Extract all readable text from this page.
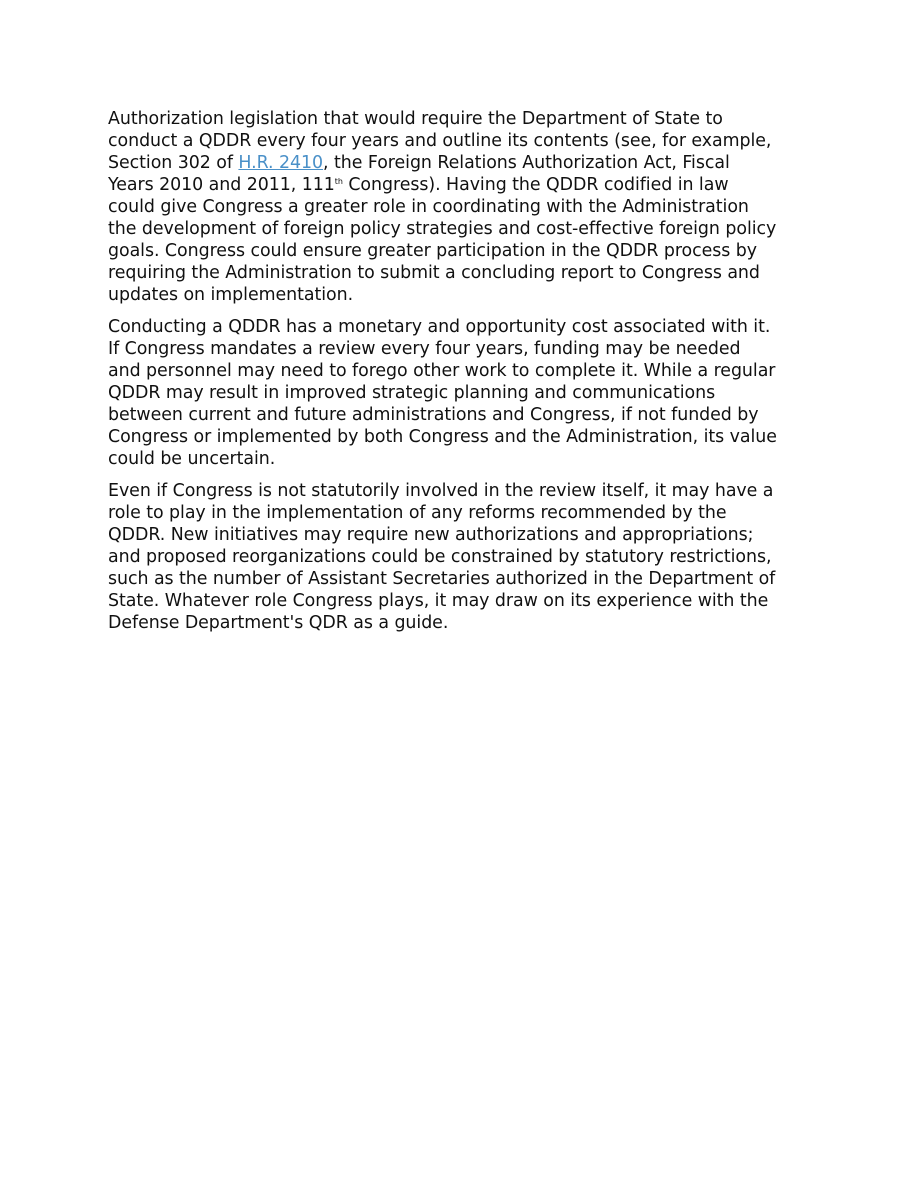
Authorization legislation that would require the Department of State to
conduct a QDDR every four years and outline its contents (see, for example,
Section 302 of H.R. 2410, the Foreign Relations Authorization Act, Fiscal
Years 2010 and 2011, 111th Congress). Having the QDDR codified in law
could give Congress a greater role in coordinating with the Administration
the development of foreign policy strategies and cost-effective foreign policy
goals. Congress could ensure greater participation in the QDDR process by
requiring the Administration to submit a concluding report to Congress and
updates on implementation.

Conducting a QDDR has a monetary and opportunity cost associated with it.
If Congress mandates a review every four years, funding may be needed
and personnel may need to forego other work to complete it. While a regular
QDDR may result in improved strategic planning and communications
between current and future administrations and Congress, if not funded by
Congress or implemented by both Congress and the Administration, its value
could be uncertain.

Even if Congress is not statutorily involved in the review itself, it may have a
role to play in the implementation of any reforms recommended by the
QDDR. New initiatives may require new authorizations and appropriations;
and proposed reorganizations could be constrained by statutory restrictions,
such as the number of Assistant Secretaries authorized in the Department of
State. Whatever role Congress plays, it may draw on its experience with the
Defense Department's QDR as a guide.
